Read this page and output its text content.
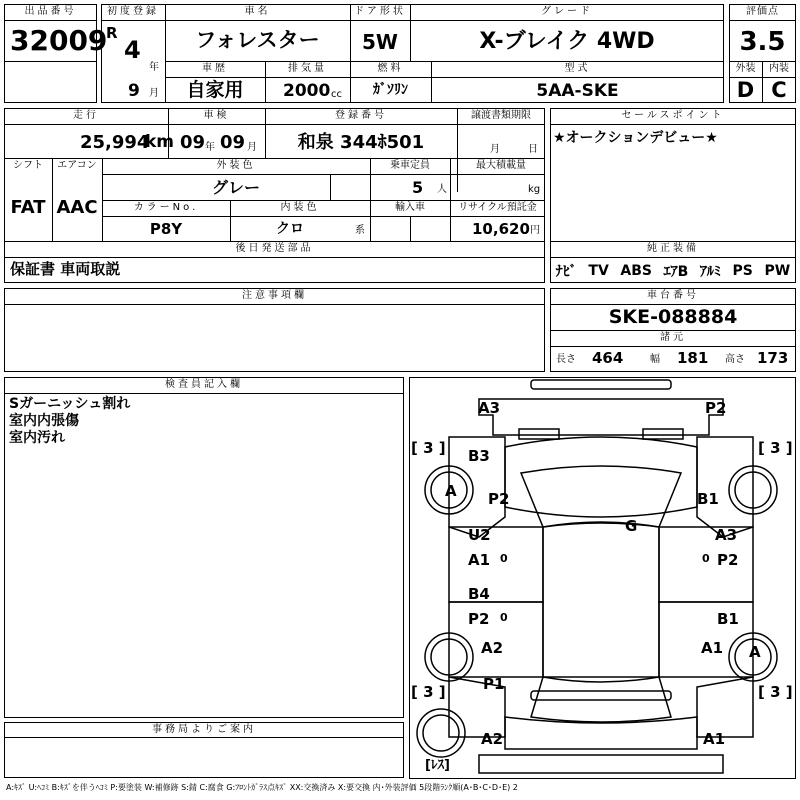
出品番号
32009
初度登録
R
4
年
9 月
車名
フォレスター
ドア形状
5W
グレード
X-ブレイク 4WD
車歴
自家用
排気量
2000 cc
燃料
ｶﾞｿﾘﾝ
型式
5AA-SKE
評価点
3.5
外装	内装
D C
走行
25,994
km
車検
09 年 09 月
登録番号
和泉 344ﾎ501
譲渡書類期限
月	日
シフト	エアコン
FAT AAC
外装色
グレー
乗車定員
5 人
最大積載量
kg
カラーNo.
P8Y
内装色
クロ	系
輸入車	リサイクル預託金
10,620 円
後日発送部品
保証書 車両取説
セールスポイント
★オークションデビュー★
純正装備
ﾅﾋﾞ TV ABS ｴｱB ｱﾙﾐ PS PW
注意事項欄	車台番号
SKE-088884
諸元
長さ 464	幅 181 高さ 173
検査員記入欄
Sガーニッシュ割れ
室内内張傷
室内汚れ
事務局よりご案内
A3	P2
B3
A P2	B1
U2
A1 0
G	A3
0 P2
B4
P2 0	B1
A2	A1 A
P1
A2	A1
[ 3 ]	[ 3 ]
[ 3 ]	[ 3 ]
[ﾚｽ]
A:ｷｽﾞ U:ﾍｺﾐ B:ｷｽﾞを伴うﾍｺﾐ P:要塗装 W:補修跡 S:錆 C:腐食 G:ﾌﾛﾝﾄｶﾞﾗｽ点ｷｽﾞ XX:交換済み X:要交換 内･外装評価 5段階ﾗﾝｸ順(A･B･C･D･E) 2
